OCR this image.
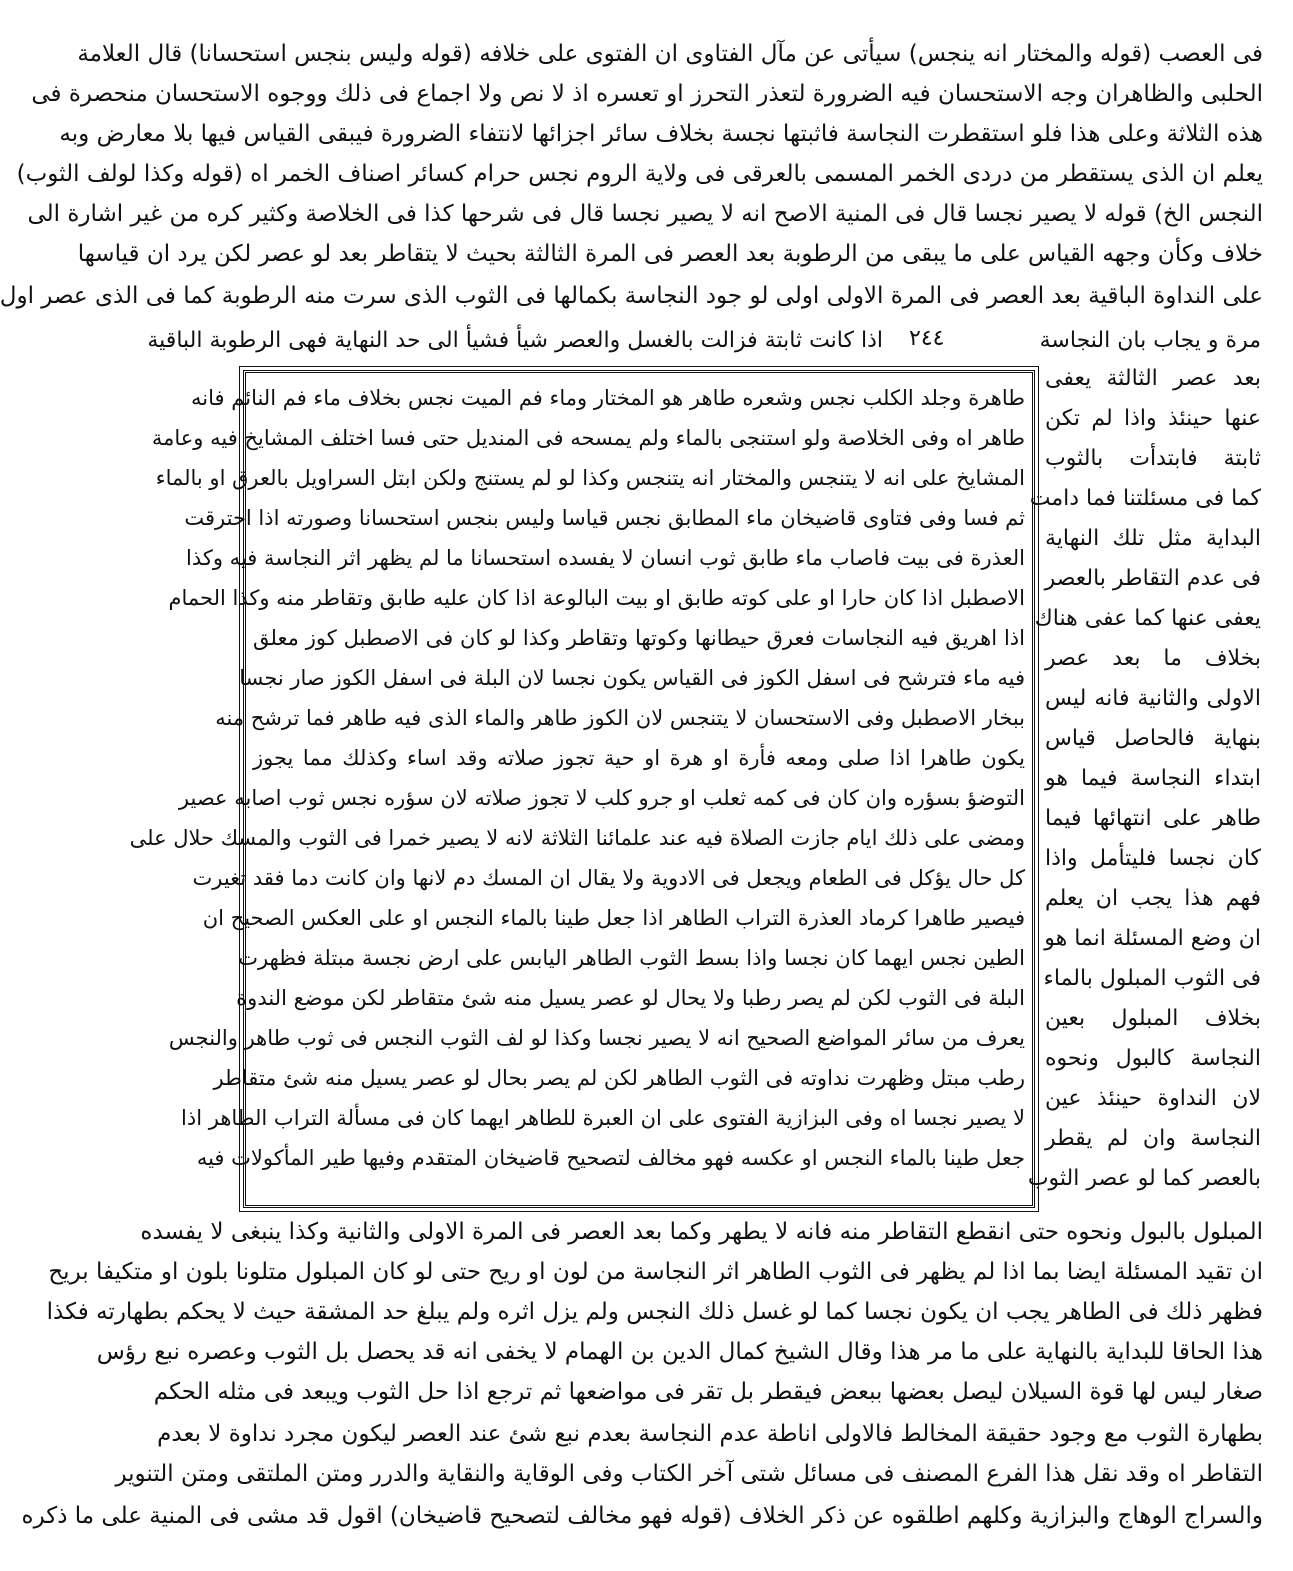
فى العصب (قوله والمختار انه ينجس) سيأتى عن مآل الفتاوى ان الفتوى على خلافه (قوله وليس بنجس استحسانا) قال العلامة
الحلبى والظاهران وجه الاستحسان فيه الضرورة لتعذر التحرز او تعسره اذ لا نص ولا اجماع فى ذلك ووجوه الاستحسان منحصرة فى
هذه الثلاثة وعلى هذا فلو استقطرت النجاسة فاثبتها نجسة بخلاف سائر اجزائها لانتفاء الضرورة فيبقى القياس فيها بلا معارض وبه
يعلم ان الذى يستقطر من دردى الخمر المسمى بالعرقى فى ولاية الروم نجس حرام كسائر اصناف الخمر اه (قوله وكذا لولف الثوب)
النجس الخ) قوله لا يصير نجسا قال فى المنية الاصح انه لا يصير نجسا قال فى شرحها كذا فى الخلاصة وكثير كره من غير اشارة الى
خلاف وكأن وجهه القياس على ما يبقى من الرطوبة بعد العصر فى المرة الثالثة بحيث لا يتقاطر بعد لو عصر لكن يرد ان قياسها
على النداوة الباقية بعد العصر فى المرة الاولى اولى لو جود النجاسة بكمالها فى الثوب الذى سرت منه الرطوبة كما فى الذى عصر اول
مرة و يجاب بان النجاسة
٢٤٤
اذا كانت ثابتة فزالت بالغسل والعصر شيأ فشيأ الى حد النهاية فهى الرطوبة الباقية
طاهرة وجلد الكلب نجس وشعره طاهر هو المختار وماء فم الميت نجس بخلاف ماء فم النائم فانه
طاهر اه وفى الخلاصة ولو استنجى بالماء ولم يمسحه فى المنديل حتى فسا اختلف المشايخ فيه وعامة
المشايخ على انه لا يتنجس والمختار انه يتنجس وكذا لو لم يستنج ولكن ابتل السراويل بالعرق او بالماء
ثم فسا وفى فتاوى قاضيخان ماء المطابق نجس قياسا وليس بنجس استحسانا وصورته اذا احترقت
العذرة فى بيت فاصاب ماء طابق ثوب انسان لا يفسده استحسانا ما لم يظهر اثر النجاسة فيه وكذا
الاصطبل اذا كان حارا او على كوته طابق او بيت البالوعة اذا كان عليه طابق وتقاطر منه وكذا الحمام
اذا اهريق فيه النجاسات فعرق حيطانها وكوتها وتقاطر وكذا لو كان فى الاصطبل كوز معلق
فيه ماء فترشح فى اسفل الكوز فى القياس يكون نجسا لان البلة فى اسفل الكوز صار نجسا
ببخار الاصطبل وفى الاستحسان لا يتنجس لان الكوز طاهر والماء الذى فيه طاهر فما ترشح منه
يكون طاهرا اذا صلى ومعه فأرة او هرة او حية تجوز صلاته وقد اساء وكذلك مما يجوز
التوضؤ بسؤره وان كان فى كمه ثعلب او جرو كلب لا تجوز صلاته لان سؤره نجس ثوب اصابه عصير
ومضى على ذلك ايام جازت الصلاة فيه عند علمائنا الثلاثة لانه لا يصير خمرا فى الثوب والمسك حلال على
كل حال يؤكل فى الطعام ويجعل فى الادوية ولا يقال ان المسك دم لانها وان كانت دما فقد تغيرت
فيصير طاهرا كرماد العذرة التراب الطاهر اذا جعل طينا بالماء النجس او على العكس الصحيح ان
الطين نجس ايهما كان نجسا واذا بسط الثوب الطاهر اليابس على ارض نجسة مبتلة فظهرت
البلة فى الثوب لكن لم يصر رطبا ولا يحال لو عصر يسيل منه شئ متقاطر لكن موضع الندوة
يعرف من سائر المواضع الصحيح انه لا يصير نجسا وكذا لو لف الثوب النجس فى ثوب طاهر والنجس
رطب مبتل وظهرت نداوته فى الثوب الطاهر لكن لم يصر بحال لو عصر يسيل منه شئ متقاطر
لا يصير نجسا اه وفى البزازية الفتوى على ان العبرة للطاهر ايهما كان فى مسألة التراب الطاهر اذا
جعل طينا بالماء النجس او عكسه فهو مخالف لتصحيح قاضيخان المتقدم وفيها طير المأكولات فيه
بعد عصر الثالثة يعفى
عنها حينئذ واذا لم تكن
ثابتة فابتدأت بالثوب
كما فى مسئلتنا فما دامت
البداية مثل تلك النهاية
فى عدم التقاطر بالعصر
يعفى عنها كما عفى هناك
بخلاف ما بعد عصر
الاولى والثانية فانه ليس
بنهاية فالحاصل قياس
ابتداء النجاسة فيما هو
طاهر على انتهائها فيما
كان نجسا فليتأمل واذا
فهم هذا يجب ان يعلم
ان وضع المسئلة انما هو
فى الثوب المبلول بالماء
بخلاف المبلول بعين
النجاسة كالبول ونحوه
لان النداوة حينئذ عين
النجاسة وان لم يقطر
بالعصر كما لو عصر الثوب
المبلول بالبول ونحوه حتى انقطع التقاطر منه فانه لا يطهر وكما بعد العصر فى المرة الاولى والثانية وكذا ينبغى لا يفسده
ان تقيد المسئلة ايضا بما اذا لم يظهر فى الثوب الطاهر اثر النجاسة من لون او ريح حتى لو كان المبلول متلونا بلون او متكيفا بريح
فظهر ذلك فى الطاهر يجب ان يكون نجسا كما لو غسل ذلك النجس ولم يزل اثره ولم يبلغ حد المشقة حيث لا يحكم بطهارته فكذا
هذا الحاقا للبداية بالنهاية على ما مر هذا وقال الشيخ كمال الدين بن الهمام لا يخفى انه قد يحصل بل الثوب وعصره نبع رؤس
صغار ليس لها قوة السيلان ليصل بعضها ببعض فيقطر بل تقر فى مواضعها ثم ترجع اذا حل الثوب ويبعد فى مثله الحكم
بطهارة الثوب مع وجود حقيقة المخالط فالاولى اناطة عدم النجاسة بعدم نبع شئ عند العصر ليكون مجرد نداوة لا بعدم
التقاطر اه وقد نقل هذا الفرع المصنف فى مسائل شتى آخر الكتاب وفى الوقاية والنقاية والدرر ومتن الملتقى ومتن التنوير
والسراج الوهاج والبزازية وكلهم اطلقوه عن ذكر الخلاف (قوله فهو مخالف لتصحيح قاضيخان) اقول قد مشى فى المنية على ما ذكره
